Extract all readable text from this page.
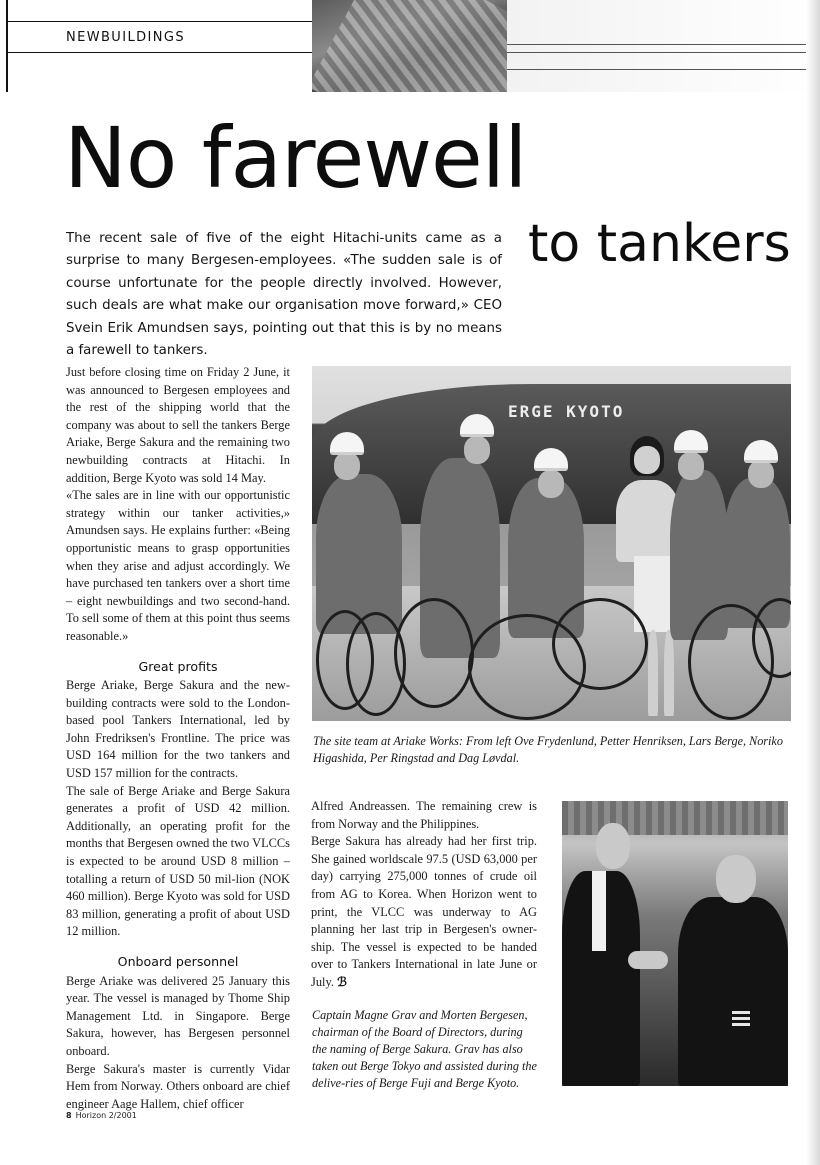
NEWBUILDINGS
No farewell
to tankers

The recent sale of five of the eight Hitachi-units came as a surprise to many Bergesen-employees. «The sudden sale is of course unfortunate for the people directly involved. However, such deals are what make our organisation move forward,» CEO Svein Erik Amundsen says, pointing out that this is by no means a farewell to tankers.

Just before closing time on Friday 2 June, it was announced to Bergesen employees and the rest of the shipping world that the company was about to sell the tankers Berge Ariake, Berge Sakura and the remaining two newbuilding contracts at Hitachi. In addition, Berge Kyoto was sold 14 May.

«The sales are in line with our opportunistic strategy within our tanker activities,» Amundsen says. He explains further: «Being opportunistic means to grasp opportunities when they arise and adjust accordingly. We have purchased ten tankers over a short time – eight newbuildings and two second-hand. To sell some of them at this point thus seems reasonable.»

Great profits

Berge Ariake, Berge Sakura and the new-building contracts were sold to the London-based pool Tankers International, led by John Fredriksen's Frontline. The price was USD 164 million for the two tankers and USD 157 million for the contracts.

The sale of Berge Ariake and Berge Sakura generates a profit of USD 42 million. Additionally, an operating profit for the months that Bergesen owned the two VLCCs is expected to be around USD 8 million – totalling a return of USD 50 mil-lion (NOK 460 million). Berge Kyoto was sold for USD 83 million, generating a profit of about USD 12 million.

Onboard personnel

Berge Ariake was delivered 25 January this year. The vessel is managed by Thome Ship Management Ltd. in Singapore. Berge Sakura, however, has Bergesen personnel onboard.

Berge Sakura's master is currently Vidar Hem from Norway. Others onboard are chief engineer Aage Hallem, chief officer

ERGE KYOTO

The site team at Ariake Works: From left Ove Frydenlund, Petter Henriksen, Lars Berge, Noriko Higashida, Per Ringstad and Dag Løvdal.

Alfred Andreassen. The remaining crew is from Norway and the Philippines.

Berge Sakura has already had her first trip. She gained worldscale 97.5 (USD 63,000 per day) carrying 275,000 tonnes of crude oil from AG to Korea. When Horizon went to print, the VLCC was underway to AG planning her last trip in Bergesen's owner-ship. The vessel is expected to be handed over to Tankers International in late June or July. ℬ

Captain Magne Grav and Morten Bergesen, chairman of the Board of Directors, during the naming of Berge Sakura. Grav has also taken out Berge Tokyo and assisted during the delive-ries of Berge Fuji and Berge Kyoto.

8 Horizon 2/2001
